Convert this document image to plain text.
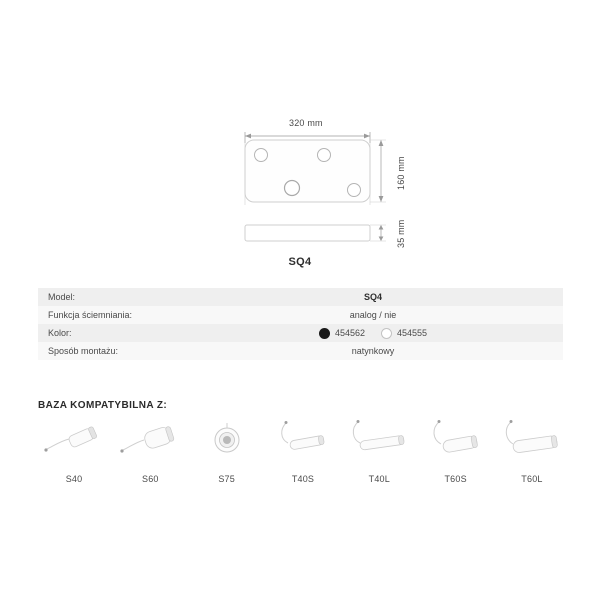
320 mm
160 mm
35 mm
SQ4
Model:	SQ4
Funkcja ściemniania:	analog / nie
Kolor:	454562 454555

Sposób montażu:	natynkowy
BAZA KOMPATYBILNA Z:
S40	S60	S75	T40S	T40L	T60S	T60L
